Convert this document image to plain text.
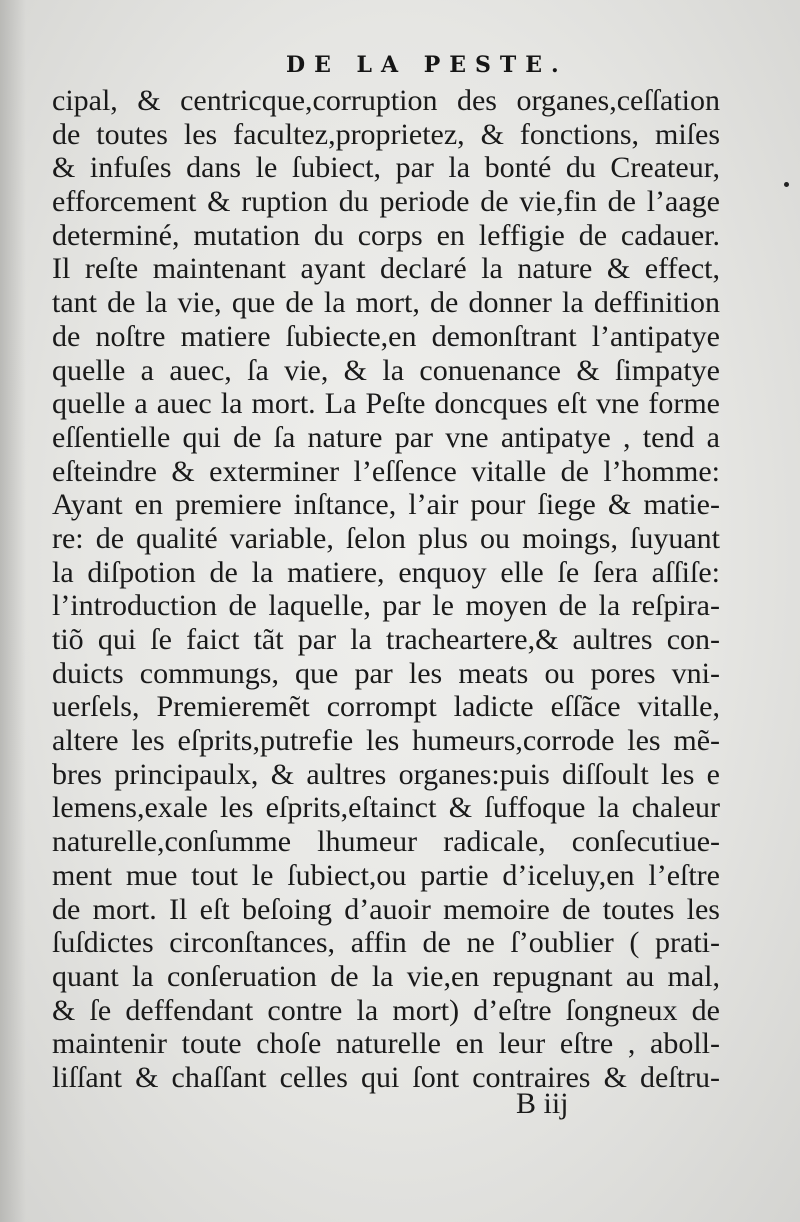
DE LA PESTE.
cipal, & centricque,corruption des organes,ceſſation
de toutes les facultez,proprietez, & fonctions, miſes
& infuſes dans le ſubiect, par la bonté du Createur,
efforcement & ruption du periode de vie,fin de l’aage
determiné, mutation du corps en leffigie de cadauer.
Il reſte maintenant ayant declaré la nature & effect,
tant de la vie, que de la mort, de donner la deffinition
de noſtre matiere ſubiecte,en demonſtrant l’antipatye
quelle a auec, ſa vie, & la conuenance & ſimpatye
quelle a auec la mort. La Peſte doncques eſt vne forme
eſſentielle qui de ſa nature par vne antipatye , tend a
eſteindre & exterminer l’eſſence vitalle de l’homme:
Ayant en premiere inſtance, l’air pour ſiege & matie-
re: de qualité variable, ſelon plus ou moings, ſuyuant
la diſpotion de la matiere, enquoy elle ſe ſera aſſiſe:
l’introduction de laquelle, par le moyen de la reſpira-
tiõ qui ſe faict tãt par la tracheartere,& aultres con-
duicts commungs, que par les meats ou pores vni-
uerſels, Premieremẽt corrompt ladicte eſſãce vitalle,
altere les eſprits,putrefie les humeurs,corrode les mẽ-
bres principaulx, & aultres organes:puis diſſoult les e
lemens,exale les eſprits,eſtainct & ſuffoque la chaleur
naturelle,conſumme lhumeur radicale, conſecutiue-
ment mue tout le ſubiect,ou partie d’iceluy,en l’eſtre
de mort. Il eſt beſoing d’auoir memoire de toutes les
ſuſdictes circonſtances, affin de ne ſ’oublier ( prati-
quant la conſeruation de la vie,en repugnant au mal,
& ſe deffendant contre la mort) d’eſtre ſongneux de
maintenir toute choſe naturelle en leur eſtre , aboll-
liſſant & chaſſant celles qui ſont contraires & deſtru-
B iij
